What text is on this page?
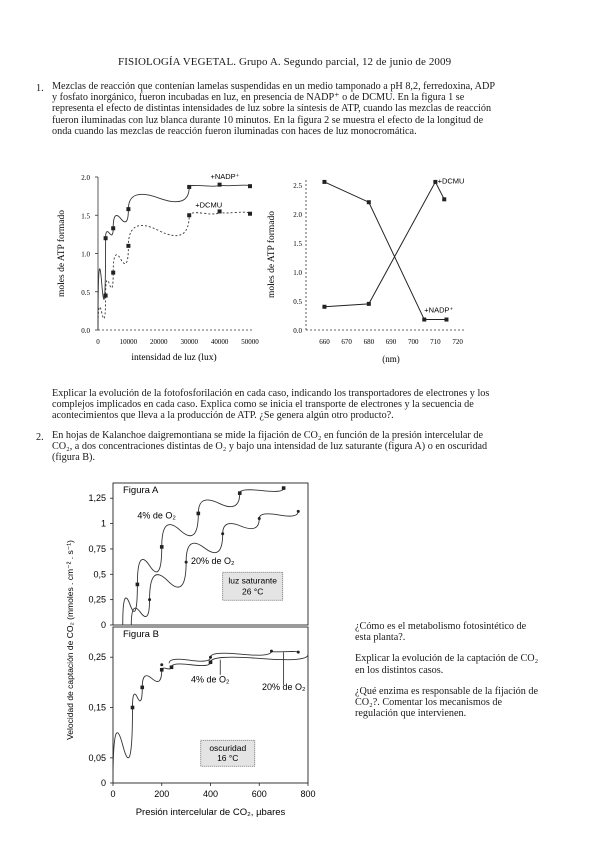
FISIOLOGÍA VEGETAL. Grupo A. Segundo parcial, 12 de junio de 2009
1. Mezclas de reacción que contenían lamelas suspendidas en un medio tamponado a pH 8,2, ferredoxina, ADP
y fosfato inorgánico, fueron incubadas en luz, en presencia de NADP⁺ o de DCMU. En la figura 1 se
representa el efecto de distintas intensidades de luz sobre la síntesis de ATP, cuando las mezclas de reacción
fueron iluminadas con luz blanca durante 10 minutos. En la figura 2 se muestra el efecto de la longitud de
onda cuando las mezclas de reacción fueron iluminadas con haces de luz monocromática.
0.0
0.5
1.0
1.5
2.0
0	10000 20000 30000 40000 50000
intensidad de luz (lux)
moles de ATP formado
+NADP⁺
+DCMU
0.0
0.5
1.0
1.5
2.0
2.5
660 670 680 690 700 710 720
(nm)
moles de ATP formado
+DCMU
+NADP⁺
Explicar la evolución de la fotofosforilación en cada caso, indicando los transportadores de electrones y los
complejos implicados en cada caso. Explica como se inicia el transporte de electrones y la secuencia de
acontecimientos que lleva a la producción de ATP. ¿Se genera algún otro producto?.
2. En hojas de Kalanchoe daigremontiana se mide la fijación de CO₂ en función de la presión intercelular de
CO₂, a dos concentraciones distintas de O₂ y bajo una intensidad de luz saturante (figura A) o en oscuridad
(figura B).
Figura A
0
0,25
0,5
0,75
1
1,25
4% de O₂
20% de O₂
luz saturante
26 °C
Figura B
0
0,05
0,15
0,25
0	200	400	600	800
Presión intercelular de CO₂, µbares
4% de O₂
20% de O₂
oscuridad
16 °C
Velocidad de captación de CO₂ (mmoles . cm⁻² . s⁻¹)	¿Cómo es el metabolismo fotosintético de
esta planta?.
Explicar la evolución de la captación de CO₂
en los distintos casos.
¿Qué enzima es responsable de la fijación de
CO₂?. Comentar los mecanismos de
regulación que intervienen.
